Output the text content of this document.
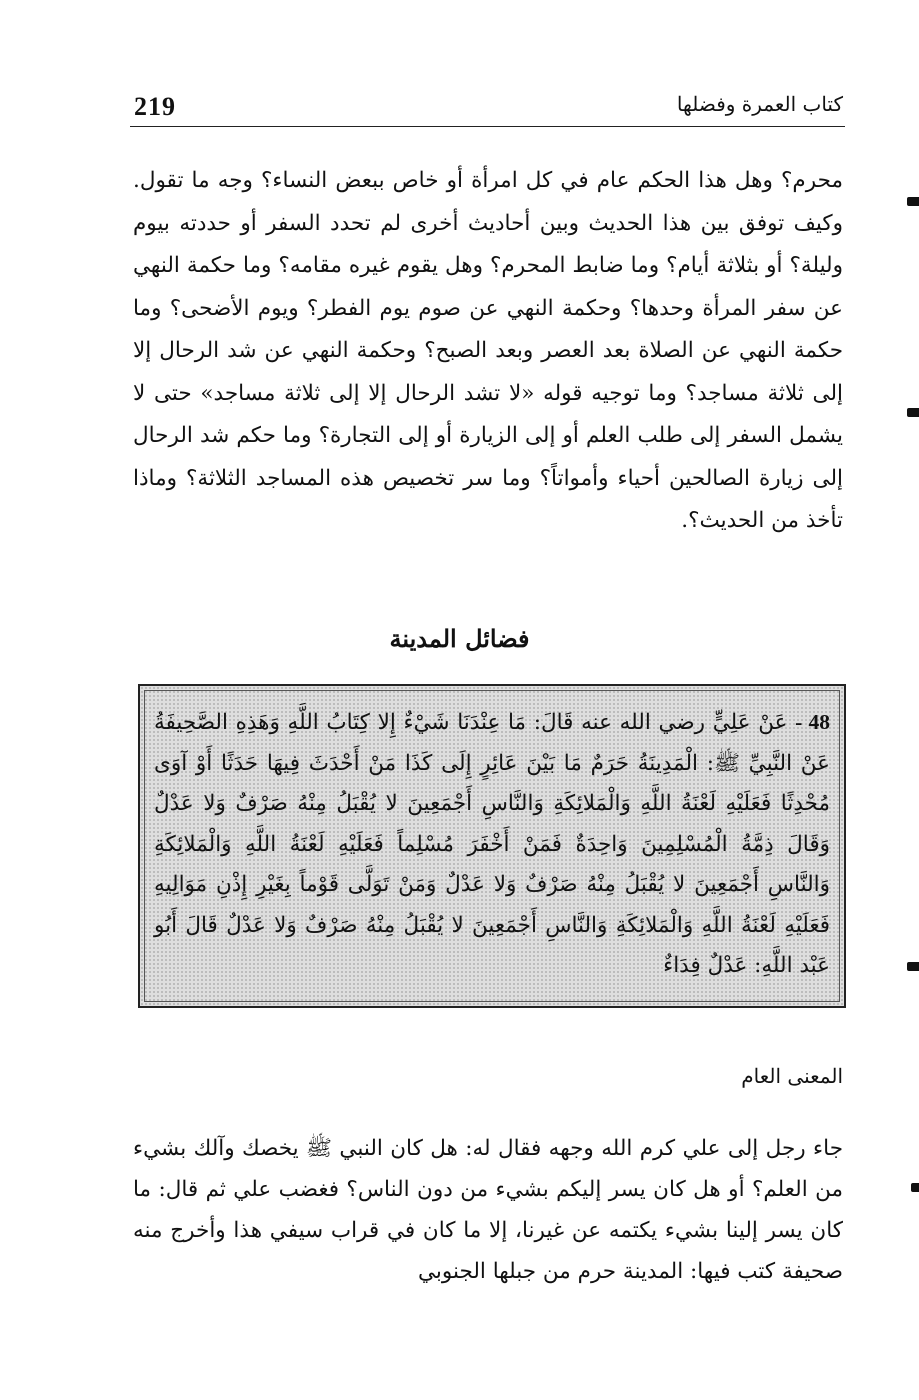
219	كتاب العمرة وفضلها

محرم؟ وهل هذا الحكم عام في كل امرأة أو خاص ببعض النساء؟ وجه ما تقول. وكيف توفق بين هذا الحديث وبين أحاديث أخرى لم تحدد السفر أو حددته بيوم وليلة؟ أو بثلاثة أيام؟ وما ضابط المحرم؟ وهل يقوم غيره مقامه؟ وما حكمة النهي عن سفر المرأة وحدها؟ وحكمة النهي عن صوم يوم الفطر؟ ويوم الأضحى؟ وما حكمة النهي عن الصلاة بعد العصر وبعد الصبح؟ وحكمة النهي عن شد الرحال إلا إلى ثلاثة مساجد؟ وما توجيه قوله «لا تشد الرحال إلا إلى ثلاثة مساجد» حتى لا يشمل السفر إلى طلب العلم أو إلى الزيارة أو إلى التجارة؟ وما حكم شد الرحال إلى زيارة الصالحين أحياء وأمواتاً؟ وما سر تخصيص هذه المساجد الثلاثة؟ وماذا تأخذ من الحديث؟.

فضائل المدينة

48 - عَنْ عَلِيٍّ رضي الله عنه قَالَ: مَا عِنْدَنَا شَيْءٌ إِلا كِتَابُ اللَّهِ وَهَذِهِ الصَّحِيفَةُ عَنْ النَّبِيِّ ﷺ: الْمَدِينَةُ حَرَمٌ مَا بَيْنَ عَائِرٍ إِلَى كَذَا مَنْ أَحْدَثَ فِيهَا حَدَثًا أَوْ آوَى مُحْدِثًا فَعَلَيْهِ لَعْنَةُ اللَّهِ وَالْمَلائِكَةِ وَالنَّاسِ أَجْمَعِينَ لا يُقْبَلُ مِنْهُ صَرْفٌ وَلا عَدْلٌ وَقَالَ ذِمَّةُ الْمُسْلِمِينَ وَاحِدَةٌ فَمَنْ أَخْفَرَ مُسْلِماً فَعَلَيْهِ لَعْنَةُ اللَّهِ وَالْمَلائِكَةِ وَالنَّاسِ أَجْمَعِينَ لا يُقْبَلُ مِنْهُ صَرْفٌ وَلا عَدْلٌ وَمَنْ تَوَلَّى قَوْماً بِغَيْرِ إِذْنِ مَوَالِيهِ فَعَلَيْهِ لَعْنَةُ اللَّهِ وَالْمَلائِكَةِ وَالنَّاسِ أَجْمَعِينَ لا يُقْبَلُ مِنْهُ صَرْفٌ وَلا عَدْلٌ قَالَ أَبُو عَبْد اللَّهِ: عَدْلٌ فِدَاءٌ

المعنى العام

جاء رجل إلى علي كرم الله وجهه فقال له: هل كان النبي ﷺ يخصك وآلك بشيء من العلم؟ أو هل كان يسر إليكم بشيء من دون الناس؟ فغضب علي ثم قال: ما كان يسر إلينا بشيء يكتمه عن غيرنا، إلا ما كان في قراب سيفي هذا وأخرج منه صحيفة كتب فيها: المدينة حرم من جبلها الجنوبي
